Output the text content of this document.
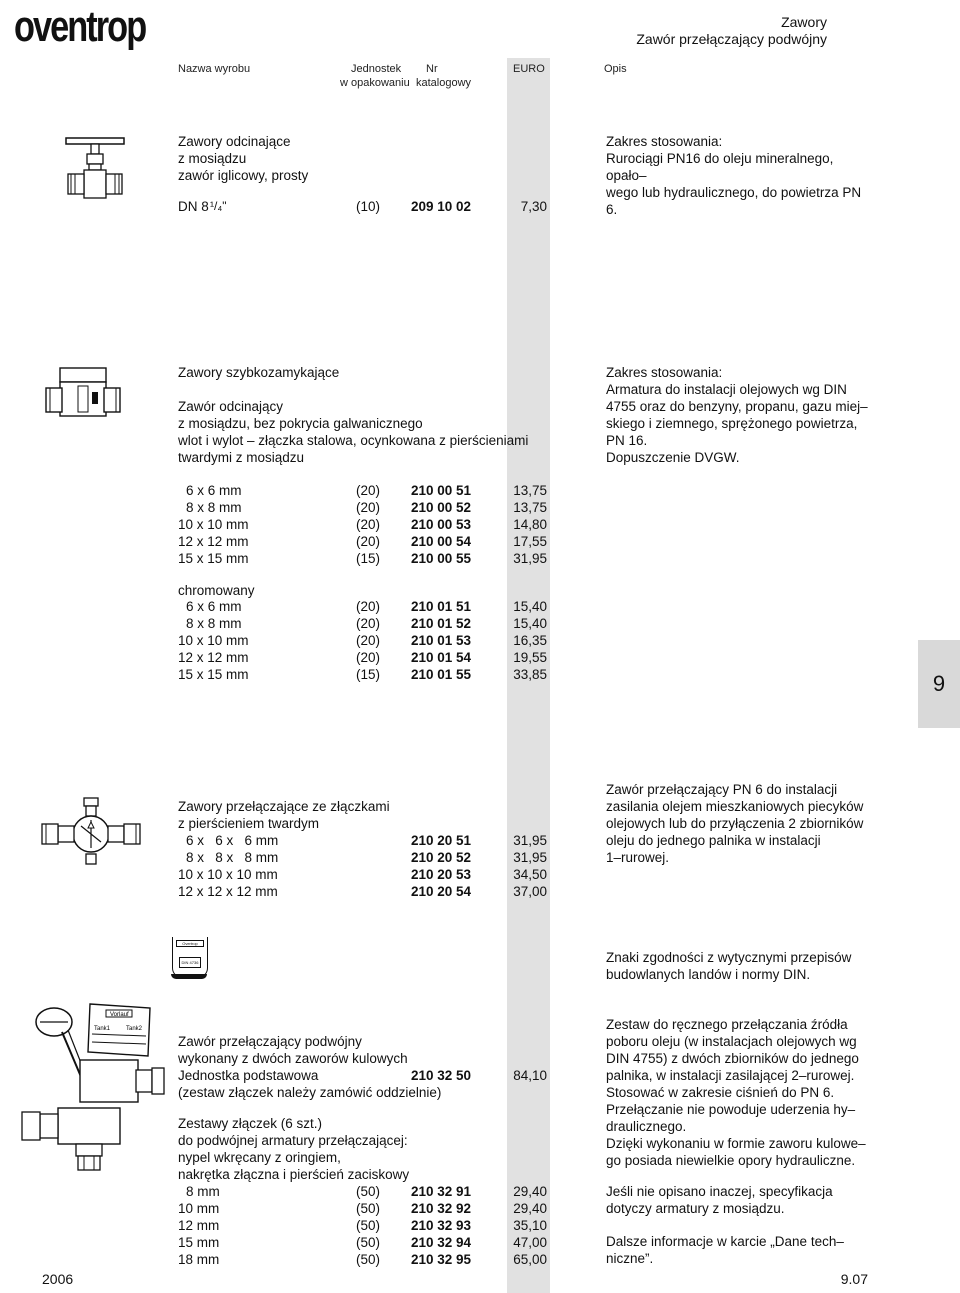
oventrop	Zawory
Zawór przełączający podwójny
Nazwa wyrobu	Jednostek
w opakowaniu
Nr
katalogowy
EURO	Opis
Zawory odcinające
z mosiądzu
zawór iglicowy, prosty
Zakres stosowania:
Rurociągi PN16 do oleju mineralnego, opało–
wego lub hydraulicznego, do powietrza PN 6.
DN 8 ¹/₄"	(10) 209 10 02	7,30
Zawory szybkozamykające
Zawór odcinający
z mosiądzu, bez pokrycia galwanicznego
wlot i wylot – złączka stalowa, ocynkowana z pierścieniami
twardymi z mosiądzu
Zakres stosowania:
Armatura do instalacji olejowych wg DIN
4755 oraz do benzyny, propanu, gazu miej–
skiego i ziemnego, sprężonego powietrza,
PN 16.
Dopuszczenie DVGW.
6 x 6 mm	(20) 210 00 51	13,75
8 x 8 mm	(20) 210 00 52	13,75
10 x 10 mm	(20) 210 00 53	14,80
12 x 12 mm	(20) 210 00 54	17,55
15 x 15 mm	(15) 210 00 55	31,95
chromowany
6 x 6 mm	(20) 210 01 51	15,40
8 x 8 mm	(20) 210 01 52	15,40
10 x 10 mm	(20) 210 01 53	16,35
12 x 12 mm	(20) 210 01 54	19,55
15 x 15 mm	(15) 210 01 55	33,85	9
Zawory przełączające ze złączkami
z pierścieniem twardym
Zawór przełączający PN 6 do instalacji
zasilania olejem mieszkaniowych piecyków
olejowych lub do przyłączenia 2 zbiorników
oleju do jednego palnika w instalacji
1–rurowej.
6 x   6 x   6 mm	210 20 51	31,95
8 x   8 x   8 mm	210 20 52	31,95
10 x 10 x 10 mm	210 20 53	34,50
12 x 12 x 12 mm	210 20 54	37,00
Overtrop
DIN 4736	Znaki zgodności z wytycznymi przepisów
budowlanych landów i normy DIN.
Vorlauf
Tank1	Tank2
Zawór przełączający podwójny
wykonany z dwóch zaworów kulowych
Jednostka podstawowa	210 32 50	84,10
(zestaw złączek należy zamówić oddzielnie)
Zestawy złączek (6 szt.)
do podwójnej armatury przełączającej:
nypel wkręcany z oringiem,
nakrętka złączna i pierścień zaciskowy
8 mm	(50) 210 32 91	29,40
10 mm	(50) 210 32 92	29,40
12 mm	(50) 210 32 93	35,10
15 mm	(50) 210 32 94	47,00
18 mm	(50) 210 32 95	65,00
Zestaw do ręcznego przełączania źródła
poboru oleju (w instalacjach olejowych wg
DIN 4755) z dwóch zbiorników do jednego
palnika, w instalacji zasilającej 2–rurowej.
Stosować w zakresie ciśnień do PN 6.
Przełączanie nie powoduje uderzenia hy–
draulicznego.
Dzięki wykonaniu w formie zaworu kulowe–
go posiada niewielkie opory hydrauliczne.
Jeśli nie opisano inaczej, specyfikacja
dotyczy armatury z mosiądzu.
Dalsze informacje w karcie „Dane tech–
niczne”.
2006	9.07
